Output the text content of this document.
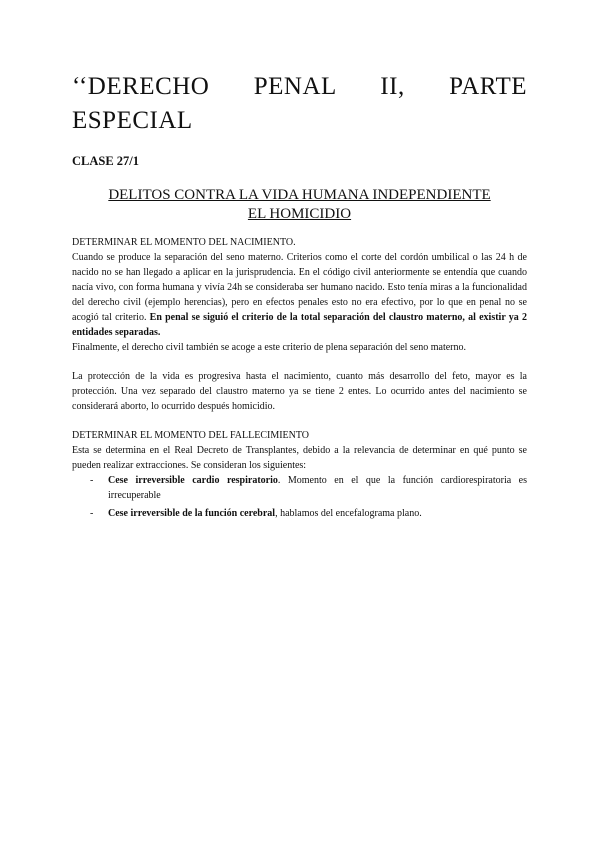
‘‘DERECHO PENAL II, PARTE ESPECIAL

CLASE 27/1

DELITOS CONTRA LA VIDA HUMANA INDEPENDIENTE
EL HOMICIDIO

DETERMINAR EL MOMENTO DEL NACIMIENTO.

Cuando se produce la separación del seno materno. Criterios como el corte del cordón umbilical o las 24 h de nacido no se han llegado a aplicar en la jurisprudencia. En el código civil anteriormente se entendía que cuando nacía vivo, con forma humana y vivía 24h se consideraba ser humano nacido. Esto tenía miras a la funcionalidad del derecho civil (ejemplo herencias), pero en efectos penales esto no era efectivo, por lo que en penal no se acogió tal criterio. En penal se siguió el criterio de la total separación del claustro materno, al existir ya 2 entidades separadas.

Finalmente, el derecho civil también se acoge a este criterio de plena separación del seno materno.

La protección de la vida es progresiva hasta el nacimiento, cuanto más desarrollo del feto, mayor es la protección. Una vez separado del claustro materno ya se tiene 2 entes. Lo ocurrido antes del nacimiento se considerará aborto, lo ocurrido después homicidio.

DETERMINAR EL MOMENTO DEL FALLECIMIENTO

Esta se determina en el Real Decreto de Transplantes, debido a la relevancia de determinar en qué punto se pueden realizar extracciones. Se consideran los siguientes:

- Cese irreversible cardio respiratorio. Momento en el que la función cardiorespiratoria es irrecuperable
- Cese irreversible de la función cerebral, hablamos del encefalograma plano.
